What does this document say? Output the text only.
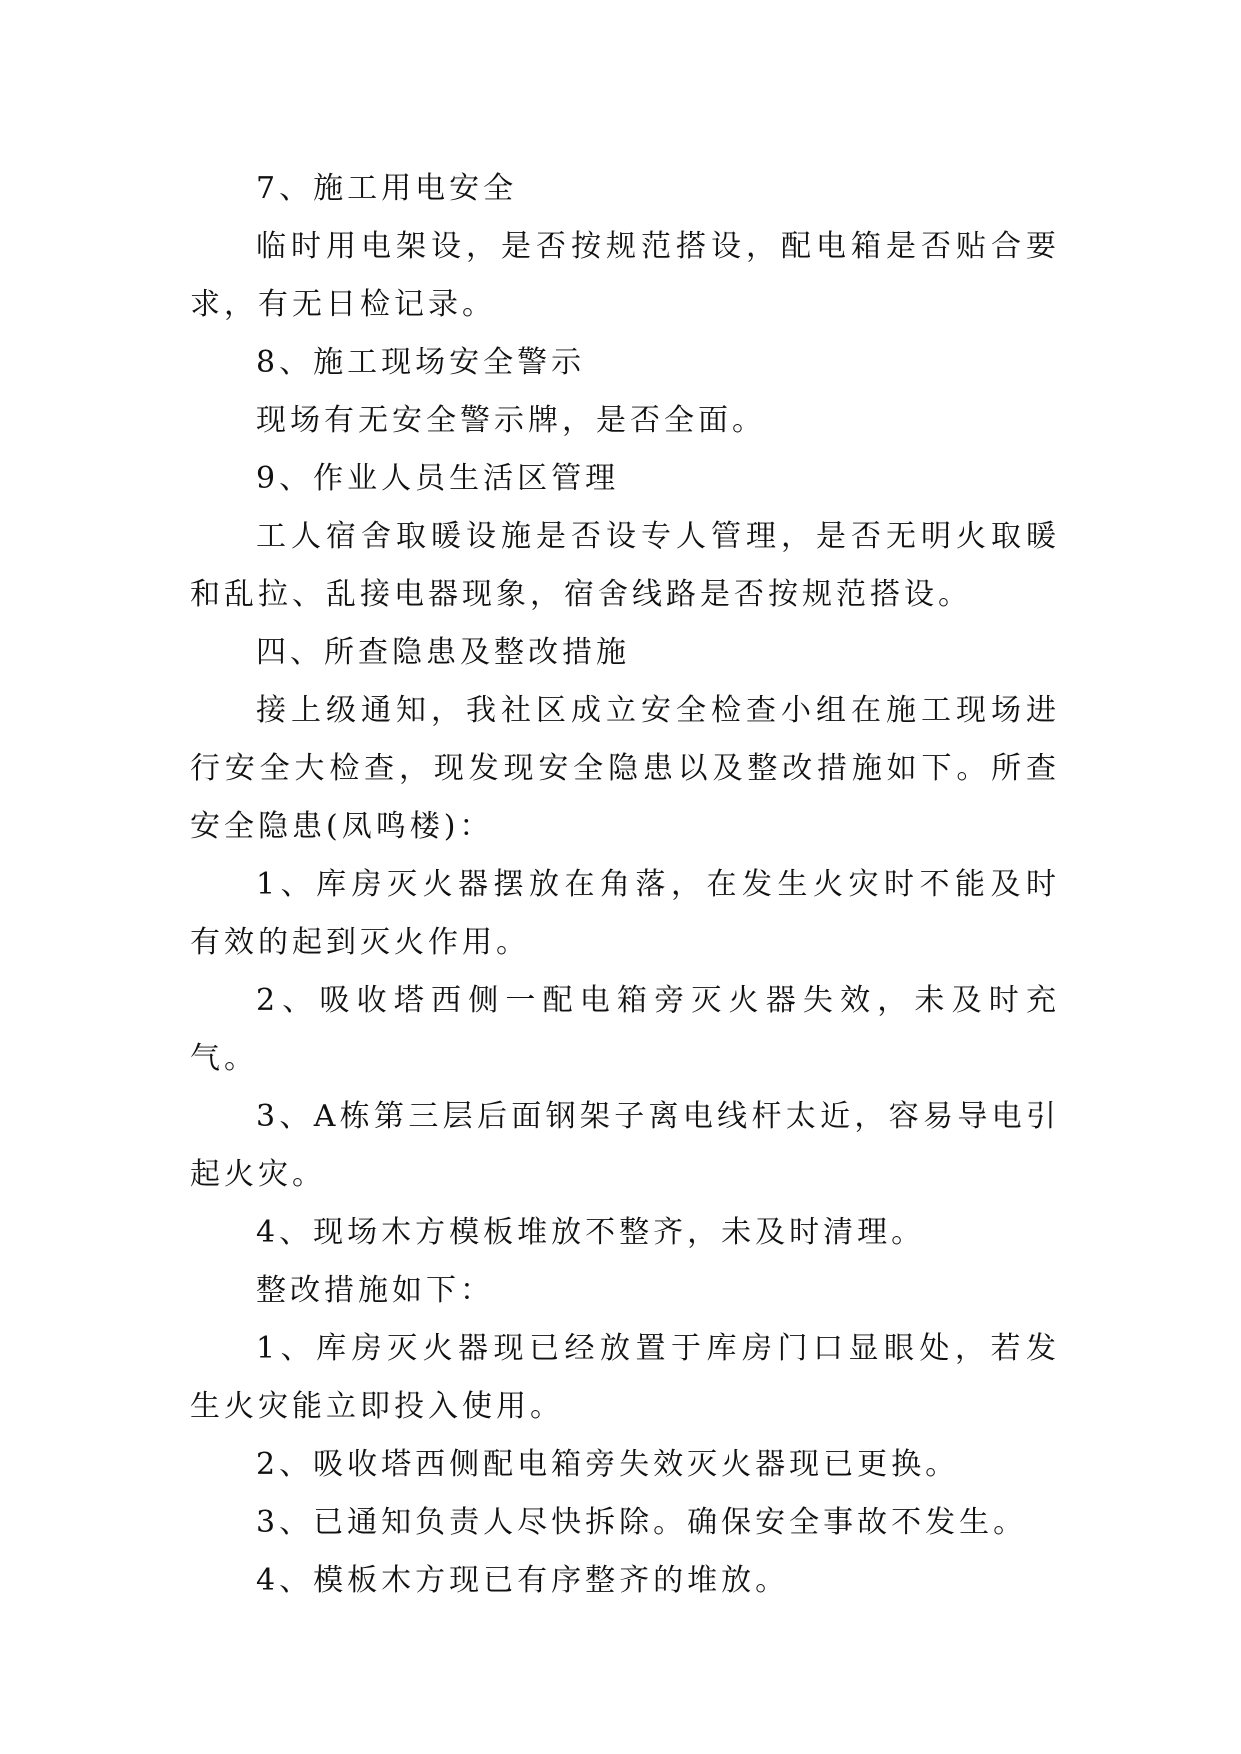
7、施工用电安全

临时用电架设，是否按规范搭设，配电箱是否贴合要求，有无日检记录。

8、施工现场安全警示

现场有无安全警示牌，是否全面。

9、作业人员生活区管理

工人宿舍取暖设施是否设专人管理，是否无明火取暖和乱拉、乱接电器现象，宿舍线路是否按规范搭设。

四、所查隐患及整改措施

接上级通知，我社区成立安全检查小组在施工现场进行安全大检查，现发现安全隐患以及整改措施如下。所查安全隐患(凤鸣楼)：

1、库房灭火器摆放在角落，在发生火灾时不能及时有效的起到灭火作用。

2、吸收塔西侧一配电箱旁灭火器失效，未及时充气。

3、A栋第三层后面钢架子离电线杆太近，容易导电引起火灾。

4、现场木方模板堆放不整齐，未及时清理。

整改措施如下：

1、库房灭火器现已经放置于库房门口显眼处，若发生火灾能立即投入使用。

2、吸收塔西侧配电箱旁失效灭火器现已更换。

3、已通知负责人尽快拆除。确保安全事故不发生。

4、模板木方现已有序整齐的堆放。
